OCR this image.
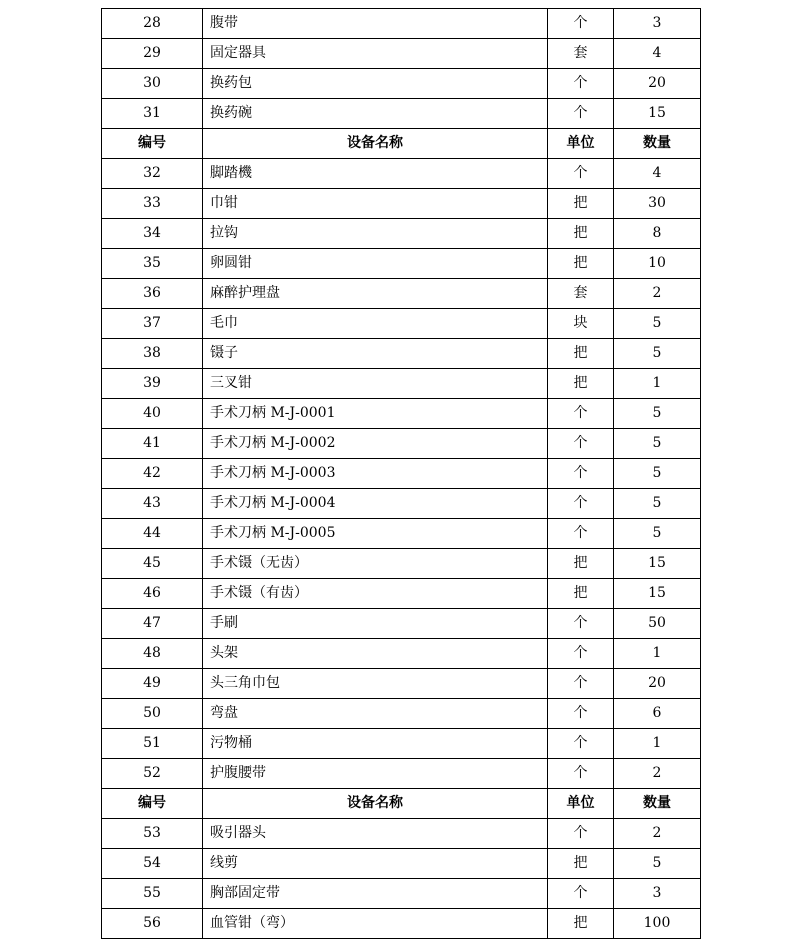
28	腹带	个	3
29	固定器具	套	4
30	换药包	个	20
31	换药碗	个	15
编号	设备名称	单位	数量
32	脚踏機	个	4
33	巾钳	把	30
34	拉钩	把	8
35	卵圆钳	把	10
36	麻醉护理盘	套	2
37	毛巾	块	5
38	镊子	把	5
39	三叉钳	把	1
40	手术刀柄 M-J-0001	个	5
41	手术刀柄 M-J-0002	个	5
42	手术刀柄 M-J-0003	个	5
43	手术刀柄 M-J-0004	个	5
44	手术刀柄 M-J-0005	个	5
45	手术镊（无齿）	把	15
46	手术镊（有齿）	把	15
47	手刷	个	50
48	头架	个	1
49	头三角巾包	个	20
50	弯盘	个	6
51	污物桶	个	1
52	护腹腰带	个	2
编号	设备名称	单位	数量
53	吸引器头	个	2
54	线剪	把	5
55	胸部固定带	个	3
56	血管钳（弯）	把	100
